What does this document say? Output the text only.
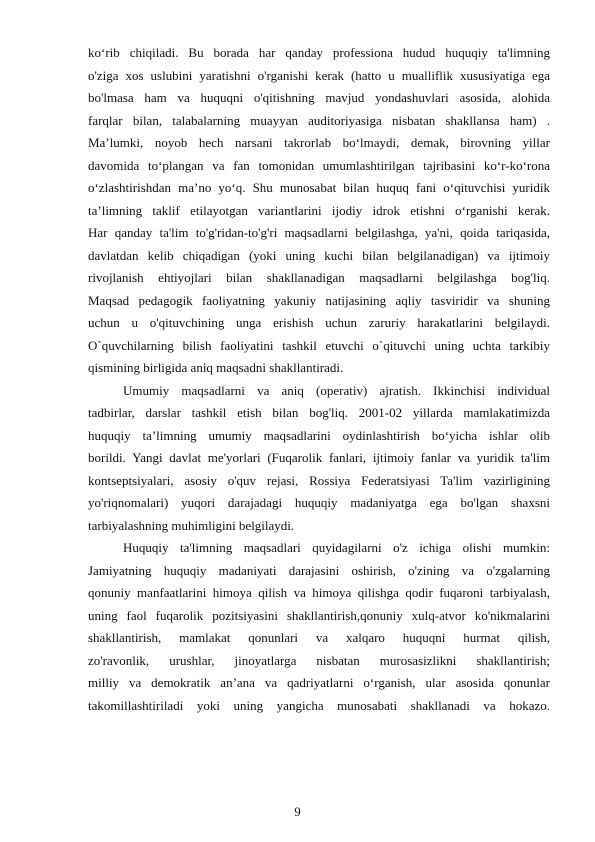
ko‘rib chiqiladi. Bu borada har qanday professiona hudud huquqiy ta'limning
o'ziga xos uslubini yaratishni o'rganishi kerak (hatto u mualliflik xususiyatiga ega
bo'lmasa ham va huquqni o'qitishning mavjud yondashuvlari asosida, alohida
farqlar bilan, talabalarning muayyan auditoriyasiga nisbatan shakllansa ham) .
Ma’lumki, noyob hech narsani takrorlab bo‘lmaydi, demak, birovning yillar
davomida to‘plangan va fan tomonidan umumlashtirilgan tajribasini ko‘r-ko‘rona
o‘zlashtirishdan ma’no yo‘q. Shu munosabat bilan huquq fani o‘qituvchisi yuridik
ta’limning taklif etilayotgan variantlarini ijodiy idrok etishni o‘rganishi kerak.
Har qanday ta'lim to'g'ridan-to'g'ri maqsadlarni belgilashga, ya'ni, qoida tariqasida,
davlatdan kelib chiqadigan (yoki uning kuchi bilan belgilanadigan) va ijtimoiy
rivojlanish ehtiyojlari bilan shakllanadigan maqsadlarni belgilashga bog'liq.
Maqsad pedagogik faoliyatning yakuniy natijasining aqliy tasviridir va shuning
uchun u o'qituvchining unga erishish uchun zaruriy harakatlarini belgilaydi.
O`quvchilarning bilish faoliyatini tashkil etuvchi o`qituvchi uning uchta tarkibiy
qismining birligida aniq maqsadni shakllantiradi.
Umumiy maqsadlarni va aniq (operativ) ajratish. Ikkinchisi individual
tadbirlar, darslar tashkil etish bilan bog'liq. 2001-02 yillarda mamlakatimizda
huquqiy ta’limning umumiy maqsadlarini oydinlashtirish bo‘yicha ishlar olib
borildi. Yangi davlat me'yorlari (Fuqarolik fanlari, ijtimoiy fanlar va yuridik ta'lim
kontseptsiyalari, asosiy o'quv rejasi, Rossiya Federatsiyasi Ta'lim vazirligining
yo'riqnomalari) yuqori darajadagi huquqiy madaniyatga ega bo'lgan shaxsni
tarbiyalashning muhimligini belgilaydi.
Huquqiy ta'limning maqsadlari quyidagilarni o'z ichiga olishi mumkin:
Jamiyatning huquqiy madaniyati darajasini oshirish, o'zining va o'zgalarning
qonuniy manfaatlarini himoya qilish va himoya qilishga qodir fuqaroni tarbiyalash,
uning faol fuqarolik pozitsiyasini shakllantirish,qonuniy xulq-atvor ko'nikmalarini
shakllantirish, mamlakat qonunlari va xalqaro huquqni hurmat qilish,
zo'ravonlik, urushlar, jinoyatlarga nisbatan murosasizlikni shakllantirish;
milliy va demokratik an’ana va qadriyatlarni o‘rganish, ular asosida qonunlar
takomillashtiriladi yoki uning yangicha munosabati shakllanadi va hokazo.
9
